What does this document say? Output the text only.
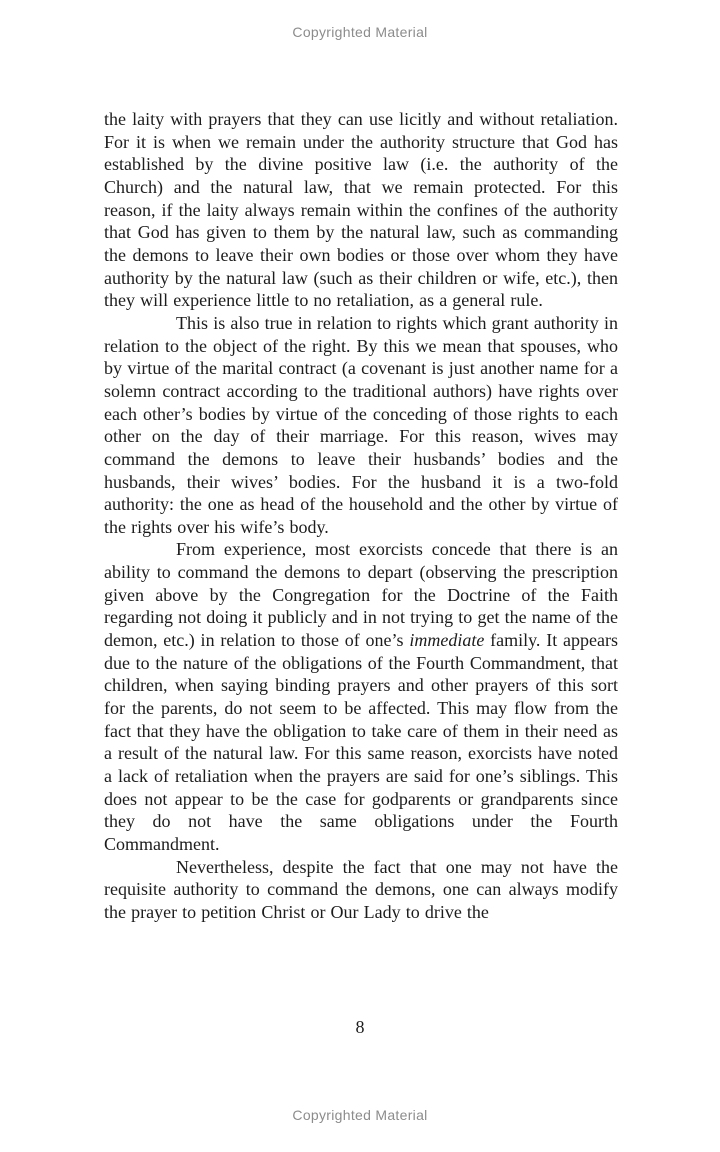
Copyrighted Material

the laity with prayers that they can use licitly and without retaliation. For it is when we remain under the authority structure that God has established by the divine positive law (i.e. the authority of the Church) and the natural law, that we remain protected. For this reason, if the laity always remain within the confines of the authority that God has given to them by the natural law, such as commanding the demons to leave their own bodies or those over whom they have authority by the natural law (such as their children or wife, etc.), then they will experience little to no retaliation, as a general rule.

This is also true in relation to rights which grant authority in relation to the object of the right. By this we mean that spouses, who by virtue of the marital contract (a covenant is just another name for a solemn contract according to the traditional authors) have rights over each other’s bodies by virtue of the conceding of those rights to each other on the day of their marriage. For this reason, wives may command the demons to leave their husbands’ bodies and the husbands, their wives’ bodies. For the husband it is a two-fold authority: the one as head of the household and the other by virtue of the rights over his wife’s body.

From experience, most exorcists concede that there is an ability to command the demons to depart (observing the prescription given above by the Congregation for the Doctrine of the Faith regarding not doing it publicly and in not trying to get the name of the demon, etc.) in relation to those of one’s immediate family. It appears due to the nature of the obligations of the Fourth Commandment, that children, when saying binding prayers and other prayers of this sort for the parents, do not seem to be affected. This may flow from the fact that they have the obligation to take care of them in their need as a result of the natural law. For this same reason, exorcists have noted a lack of retaliation when the prayers are said for one’s siblings. This does not appear to be the case for godparents or grandparents since they do not have the same obligations under the Fourth Commandment.

Nevertheless, despite the fact that one may not have the requisite authority to command the demons, one can always modify the prayer to petition Christ or Our Lady to drive the

8
Copyrighted Material
